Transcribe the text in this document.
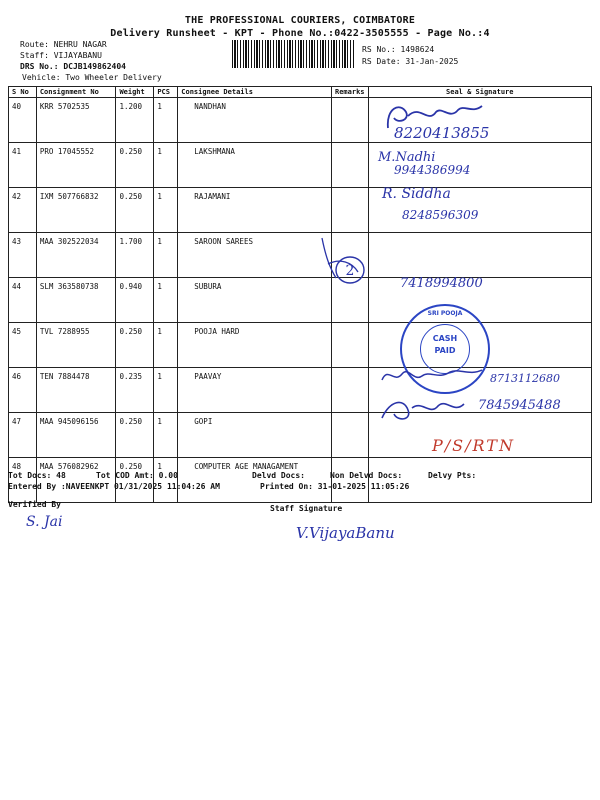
THE PROFESSIONAL COURIERS, COIMBATORE
Delivery Runsheet - KPT - Phone No.:0422-3505555 - Page No.:4
Route: NEHRU NAGAR
Staff: VIJAYABANU
DRS No.: DCJB149862404
Vehicle: Two Wheeler Delivery
RS No.: 1498624
RS Date: 31-Jan-2025
S No	Consignment No	Weight	PCS	Consignee Details	Remarks	Seal & Signature
40	KRR 5702535	1.200	1	NANDHAN		
41	PRO 17045552	0.250	1	LAKSHMANA		
42	IXM 507766832	0.250	1	RAJAMANI		
43	MAA 302522034	1.700	1	SAROON SAREES		
44	SLM 363580738	0.940	1	SUBURA		
45	TVL 7288955	0.250	1	POOJA HARD		
46	TEN 7884478	0.235	1	PAAVAY		
47	MAA 945096156	0.250	1	GOPI		
48	MAA 576082962	0.250	1	COMPUTER AGE MANAGAMENT		
8220413855
M.Nadhi
9944386994
R. Siddha
8248596309
2
7418994800
SRI POOJA
CASH
PAID
8713112680
7845945488
P/S/RTN
Tot Docs: 48	Tot COD Amt: 0.00	Delvd Docs:	Non Delvd Docs:	Delvy Pts:
Entered By :NAVEENKPT 01/31/2025 11:04:26 AM	Printed On: 31-01-2025 11:05:26
Verified By
S. Jai
Staff Signature
V.VijayaBanu
